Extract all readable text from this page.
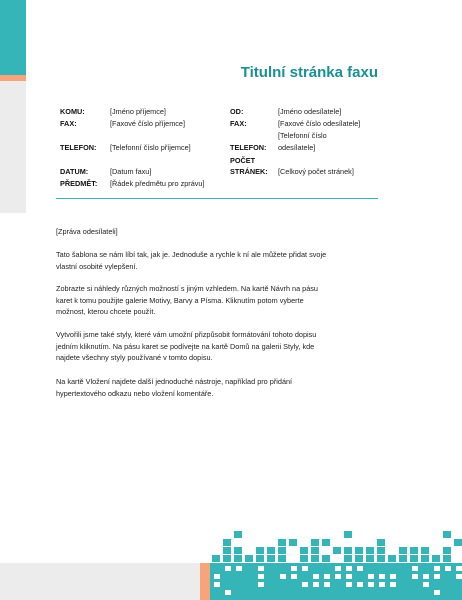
Titulní stránka faxu
KOMU:	[Jméno příjemce]
FAX:	[Faxové číslo příjemce]
TELEFON: [Telefonní číslo příjemce]
DATUM:	[Datum faxu]
PŘEDMĚT: [Řádek předmětu pro zprávu]
OD:	[Jméno odesílatele]
FAX:	[Faxové číslo odesílatele]
TELEFON:
[Telefonní číslo
odesílatele]
POČET
STRÁNEK: [Celkový počet stránek]

[Zpráva odesílateli]

Tato šablona se nám líbí tak, jak je. Jednoduše a rychle k ní ale můžete přidat svoje
vlastní osobité vylepšení.
Zobrazte si náhledy různých možností s jiným vzhledem. Na kartě Návrh na pásu
karet k tomu použijte galerie Motivy, Barvy a Písma. Kliknutím potom vyberte
možnost, kterou chcete použít.
Vytvořili jsme také styly, které vám umožní přizpůsobit formátování tohoto dopisu
jedním kliknutím. Na pásu karet se podívejte na kartě Domů na galerii Styly, kde
najdete všechny styly používané v tomto dopisu.
Na kartě Vložení najdete další jednoduché nástroje, například pro přidání
hypertextového odkazu nebo vložení komentáře.
